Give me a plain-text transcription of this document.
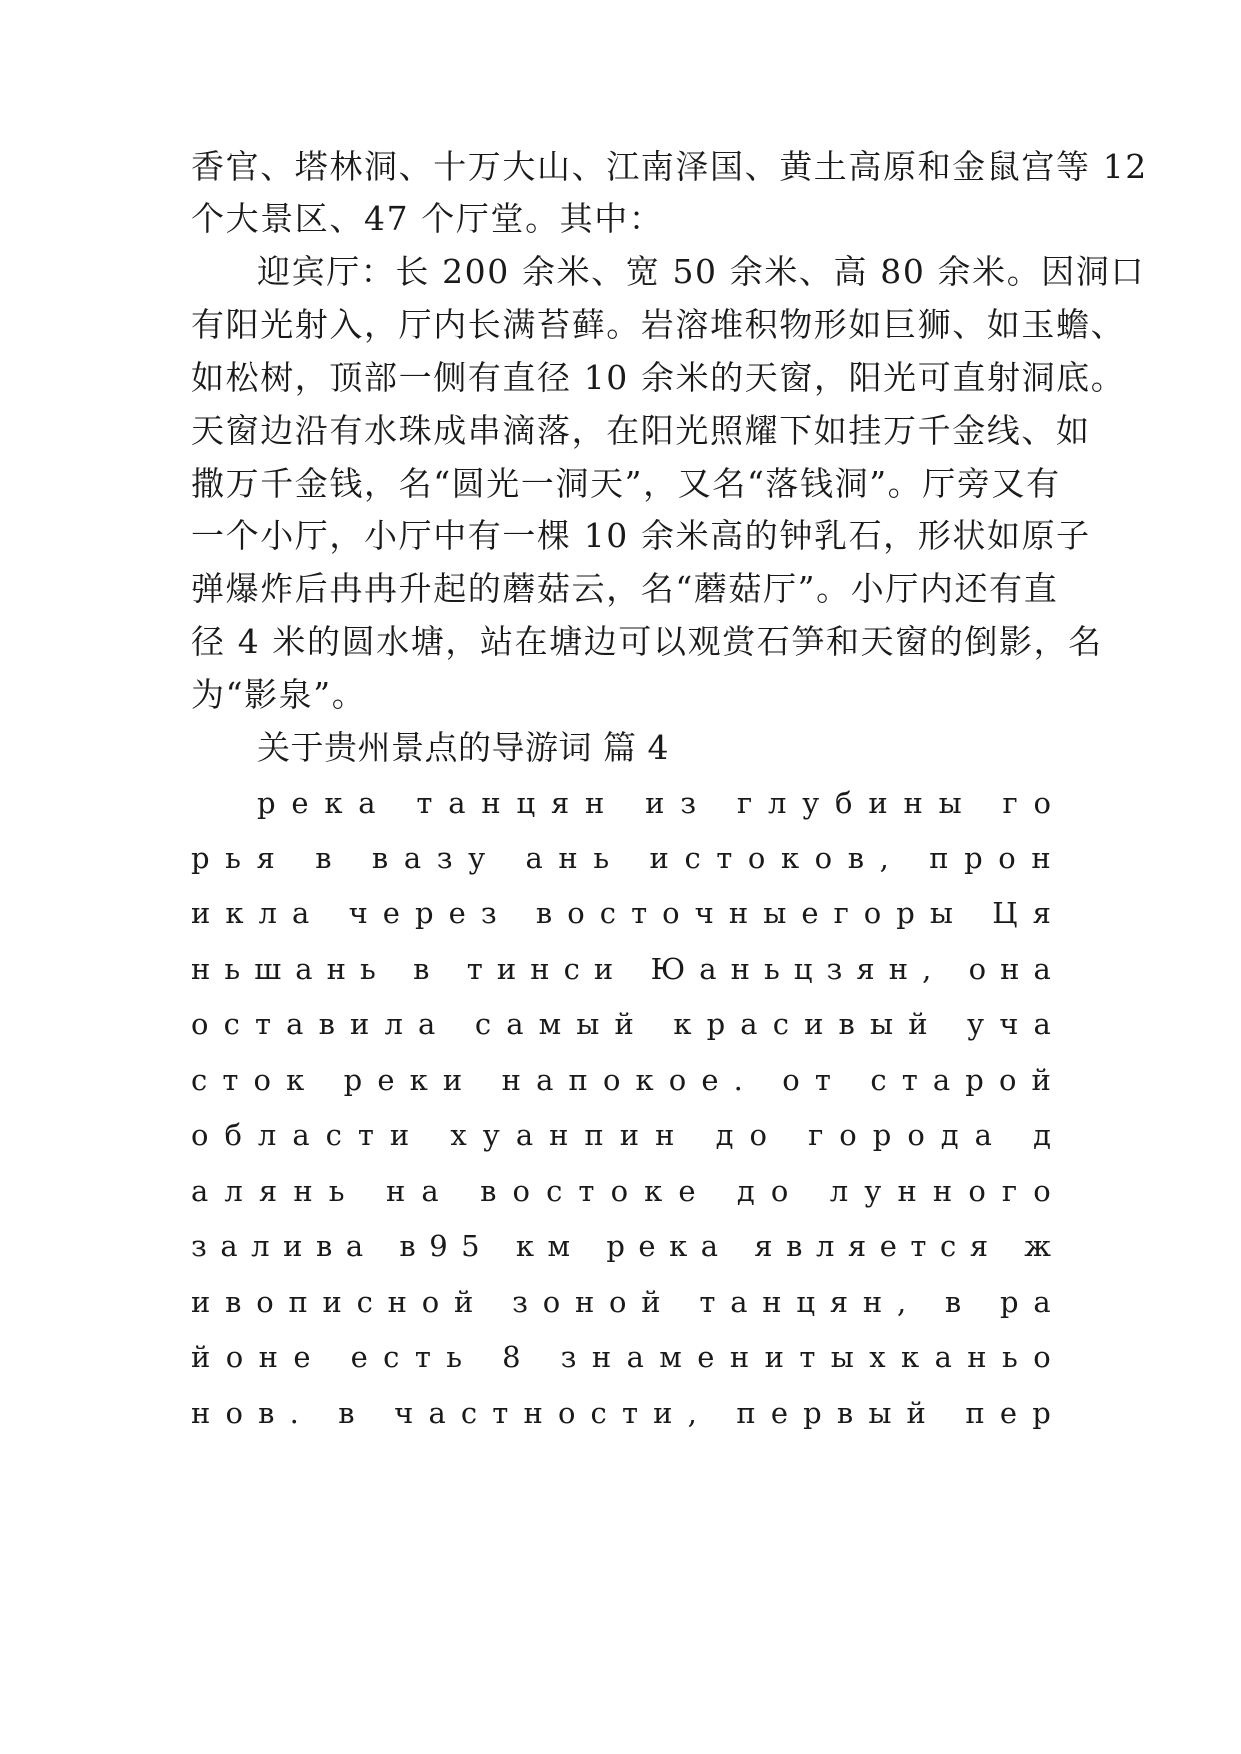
香官、塔林洞、十万大山、江南泽国、黄土高原和金鼠宫等 12
个大景区、47 个厅堂。其中：
迎宾厅：长 200 余米、宽 50 余米、高 80 余米。因洞口
有阳光射入，厅内长满苔藓。岩溶堆积物形如巨狮、如玉蟾、
如松树，顶部一侧有直径 10 余米的天窗，阳光可直射洞底。
天窗边沿有水珠成串滴落，在阳光照耀下如挂万千金线、如
撒万千金钱，名“圆光一洞天”，又名“落钱洞”。厅旁又有
一个小厅，小厅中有一棵 10 余米高的钟乳石，形状如原子
弹爆炸后冉冉升起的蘑菇云，名“蘑菇厅”。小厅内还有直
径 4 米的圆水塘，站在塘边可以观赏石笋和天窗的倒影，名
为“影泉”。
关于贵州景点的导游词 篇 4
р е к а
т а н ц я н
и з
г л у б и н ы
г о
р ь я
в
в а з у
а н ь
и с т о к о в ,
п р о н
и к л а
ч е р е з
в о с т о ч н ы е г о р ы
Ц я
н ь ш а н ь
в
т и н с и
Ю а н ь ц з я н ,
о н а
о с т а в и л а
с а м ы й
к р а с и в ы й
у ч а
с т о к
р е к и
н а п о к о е .
о т
с т а р о й
о б л а с т и
х у а н п и н
д о
г о р о д а
д
а л я н ь
н а
в о с т о к е
д о
л у н н о г о
з а л и в а
в 9 5
к м
р е к а
я в л я е т с я
ж
и в о п и с н о й
з о н о й
т а н ц я н ,
в
р а
й о н е
е с т ь
8
з н а м е н и т ы х к а н ь о
н о в .
в
ч а с т н о с т и ,
п е р в ы й
п е р
